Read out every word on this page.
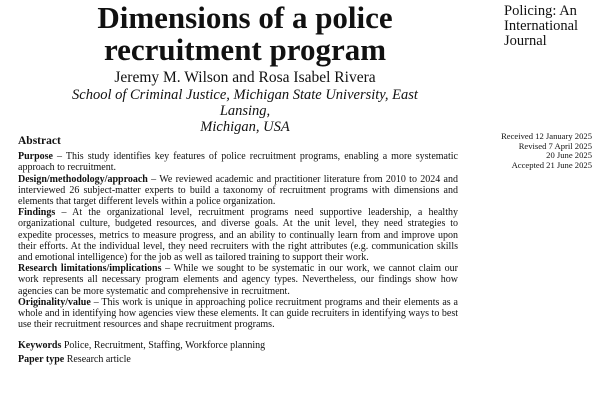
Dimensions of a police
recruitment program
Policing: An
International
Journal
Jeremy M. Wilson and Rosa Isabel Rivera
School of Criminal Justice, Michigan State University, East Lansing,
Michigan, USA
Received 12 January 2025
Revised 7 April 2025
20 June 2025
Accepted 21 June 2025
Abstract

Purpose – This study identifies key features of police recruitment programs, enabling a more systematic approach to recruitment.

Design/methodology/approach – We reviewed academic and practitioner literature from 2010 to 2024 and interviewed 26 subject-matter experts to build a taxonomy of recruitment programs with dimensions and elements that target different levels within a police organization.

Findings – At the organizational level, recruitment programs need supportive leadership, a healthy organizational culture, budgeted resources, and diverse goals. At the unit level, they need strategies to expedite processes, metrics to measure progress, and an ability to continually learn from and improve upon their efforts. At the individual level, they need recruiters with the right attributes (e.g. communication skills and emotional intelligence) for the job as well as tailored training to support their work.

Research limitations/implications – While we sought to be systematic in our work, we cannot claim our work represents all necessary program elements and agency types. Nevertheless, our findings show how agencies can be more systematic and comprehensive in recruitment.

Originality/value – This work is unique in approaching police recruitment programs and their elements as a whole and in identifying how agencies view these elements. It can guide recruiters in identifying ways to best use their recruitment resources and shape recruitment programs.

Keywords Police, Recruitment, Staffing, Workforce planning
Paper type Research article
